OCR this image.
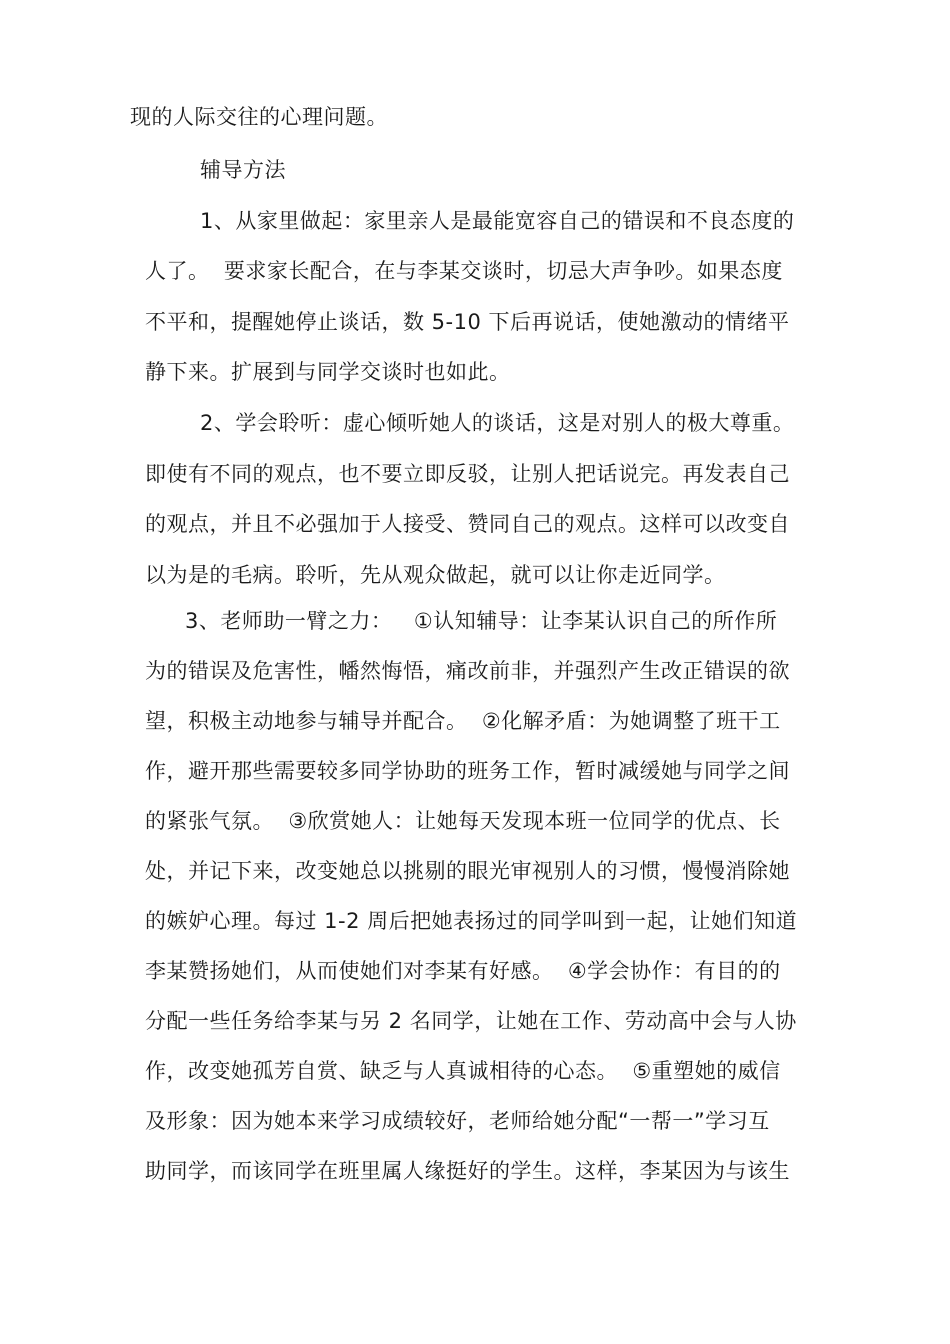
现的人际交往的心理问题。
辅导方法
1、从家里做起：家里亲人是最能宽容自己的错误和不良态度的
人了。  要求家长配合，在与李某交谈时，切忌大声争吵。如果态度
不平和，提醒她停止谈话，数 5-10 下后再说话，使她激动的情绪平
静下来。扩展到与同学交谈时也如此。
2、学会聆听：虚心倾听她人的谈话，这是对别人的极大尊重。
即使有不同的观点，也不要立即反驳，让别人把话说完。再发表自己
的观点，并且不必强加于人接受、赞同自己的观点。这样可以改变自
以为是的毛病。聆听，先从观众做起，就可以让你走近同学。
3、老师助一臂之力：   ①认知辅导：让李某认识自己的所作所
为的错误及危害性，幡然悔悟，痛改前非，并强烈产生改正错误的欲
望，积极主动地参与辅导并配合。  ②化解矛盾：为她调整了班干工
作，避开那些需要较多同学协助的班务工作，暂时减缓她与同学之间
的紧张气氛。  ③欣赏她人：让她每天发现本班一位同学的优点、长
处，并记下来，改变她总以挑剔的眼光审视别人的习惯，慢慢消除她
的嫉妒心理。每过 1-2 周后把她表扬过的同学叫到一起，让她们知道
李某赞扬她们，从而使她们对李某有好感。  ④学会协作：有目的的
分配一些任务给李某与另 2 名同学，让她在工作、劳动高中会与人协
作，改变她孤芳自赏、缺乏与人真诚相待的心态。  ⑤重塑她的威信
及形象：因为她本来学习成绩较好，老师给她分配“一帮一”学习互
助同学，而该同学在班里属人缘挺好的学生。这样，李某因为与该生
